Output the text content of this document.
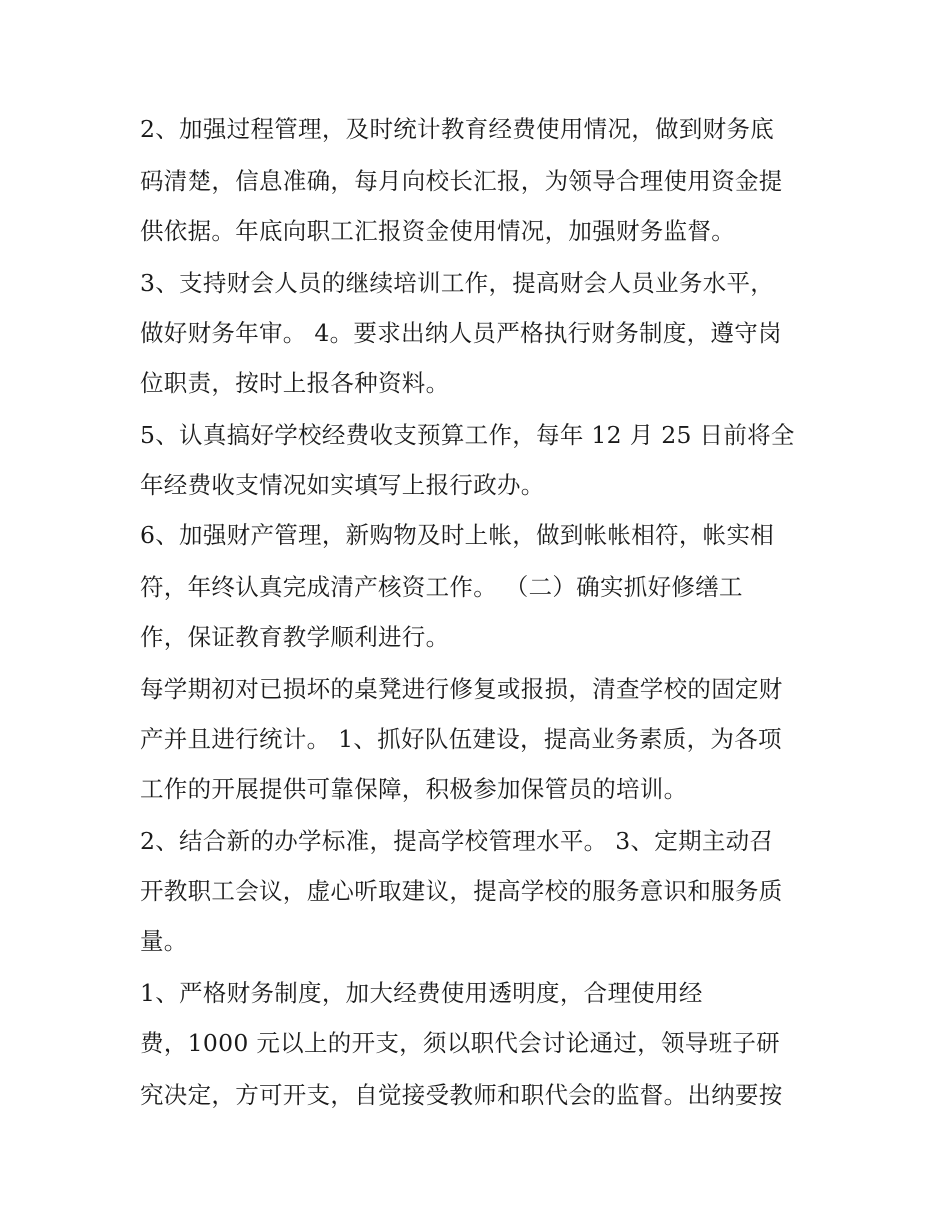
2、加强过程管理，及时统计教育经费使用情况，做到财务底

码清楚，信息准确，每月向校长汇报，为领导合理使用资金提

供依据。年底向职工汇报资金使用情况，加强财务监督。

3、支持财会人员的继续培训工作，提高财会人员业务水平，

做好财务年审。 4。要求出纳人员严格执行财务制度，遵守岗

位职责，按时上报各种资料。

5、认真搞好学校经费收支预算工作，每年 12 月 25 日前将全

年经费收支情况如实填写上报行政办。

6、加强财产管理，新购物及时上帐，做到帐帐相符，帐实相

符，年终认真完成清产核资工作。 （二）确实抓好修缮工

作，保证教育教学顺利进行。

每学期初对已损坏的桌凳进行修复或报损，清查学校的固定财

产并且进行统计。 1、抓好队伍建设，提高业务素质，为各项

工作的开展提供可靠保障，积极参加保管员的培训。

2、结合新的办学标准，提高学校管理水平。 3、定期主动召

开教职工会议，虚心听取建议，提高学校的服务意识和服务质

量。

1、严格财务制度，加大经费使用透明度，合理使用经

费，1000 元以上的开支，须以职代会讨论通过，领导班子研

究决定，方可开支，自觉接受教师和职代会的监督。出纳要按
